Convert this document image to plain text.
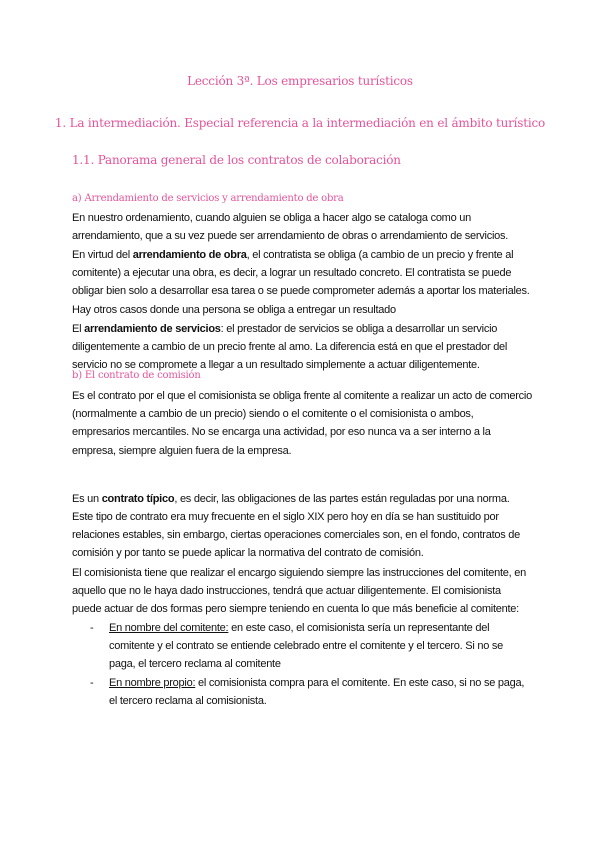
Lección 3ª. Los empresarios turísticos
1. La intermediación. Especial referencia a la intermediación en el ámbito turístico
1.1. Panorama general de los contratos de colaboración
a) Arrendamiento de servicios y arrendamiento de obra

En nuestro ordenamiento, cuando alguien se obliga a hacer algo se cataloga como un arrendamiento, que a su vez puede ser arrendamiento de obras o arrendamiento de servicios.

En virtud del arrendamiento de obra, el contratista se obliga (a cambio de un precio y frente al comitente) a ejecutar una obra, es decir, a lograr un resultado concreto. El contratista se puede obligar bien solo a desarrollar esa tarea o se puede comprometer además a aportar los materiales. Hay otros casos donde una persona se obliga a entregar un resultado

El arrendamiento de servicios: el prestador de servicios se obliga a desarrollar un servicio diligentemente a cambio de un precio frente al amo. La diferencia está en que el prestador del servicio no se compromete a llegar a un resultado simplemente a actuar diligentemente.

b) El contrato de comisión

Es el contrato por el que el comisionista se obliga frente al comitente a realizar un acto de comercio (normalmente a cambio de un precio) siendo o el comitente o el comisionista o ambos, empresarios mercantiles. No se encarga una actividad, por eso nunca va a ser interno a la empresa, siempre alguien fuera de la empresa.

Es un contrato típico, es decir, las obligaciones de las partes están reguladas por una norma.

Este tipo de contrato era muy frecuente en el siglo XIX pero hoy en día se han sustituido por relaciones estables, sin embargo, ciertas operaciones comerciales son, en el fondo, contratos de comisión y por tanto se puede aplicar la normativa del contrato de comisión.

El comisionista tiene que realizar el encargo siguiendo siempre las instrucciones del comitente, en aquello que no le haya dado instrucciones, tendrá que actuar diligentemente. El comisionista puede actuar de dos formas pero siempre teniendo en cuenta lo que más beneficie al comitente:

- En nombre del comitente: en este caso, el comisionista sería un representante del comitente y el contrato se entiende celebrado entre el comitente y el tercero. Si no se paga, el tercero reclama al comitente
- En nombre propio: el comisionista compra para el comitente. En este caso, si no se paga, el tercero reclama al comisionista.
